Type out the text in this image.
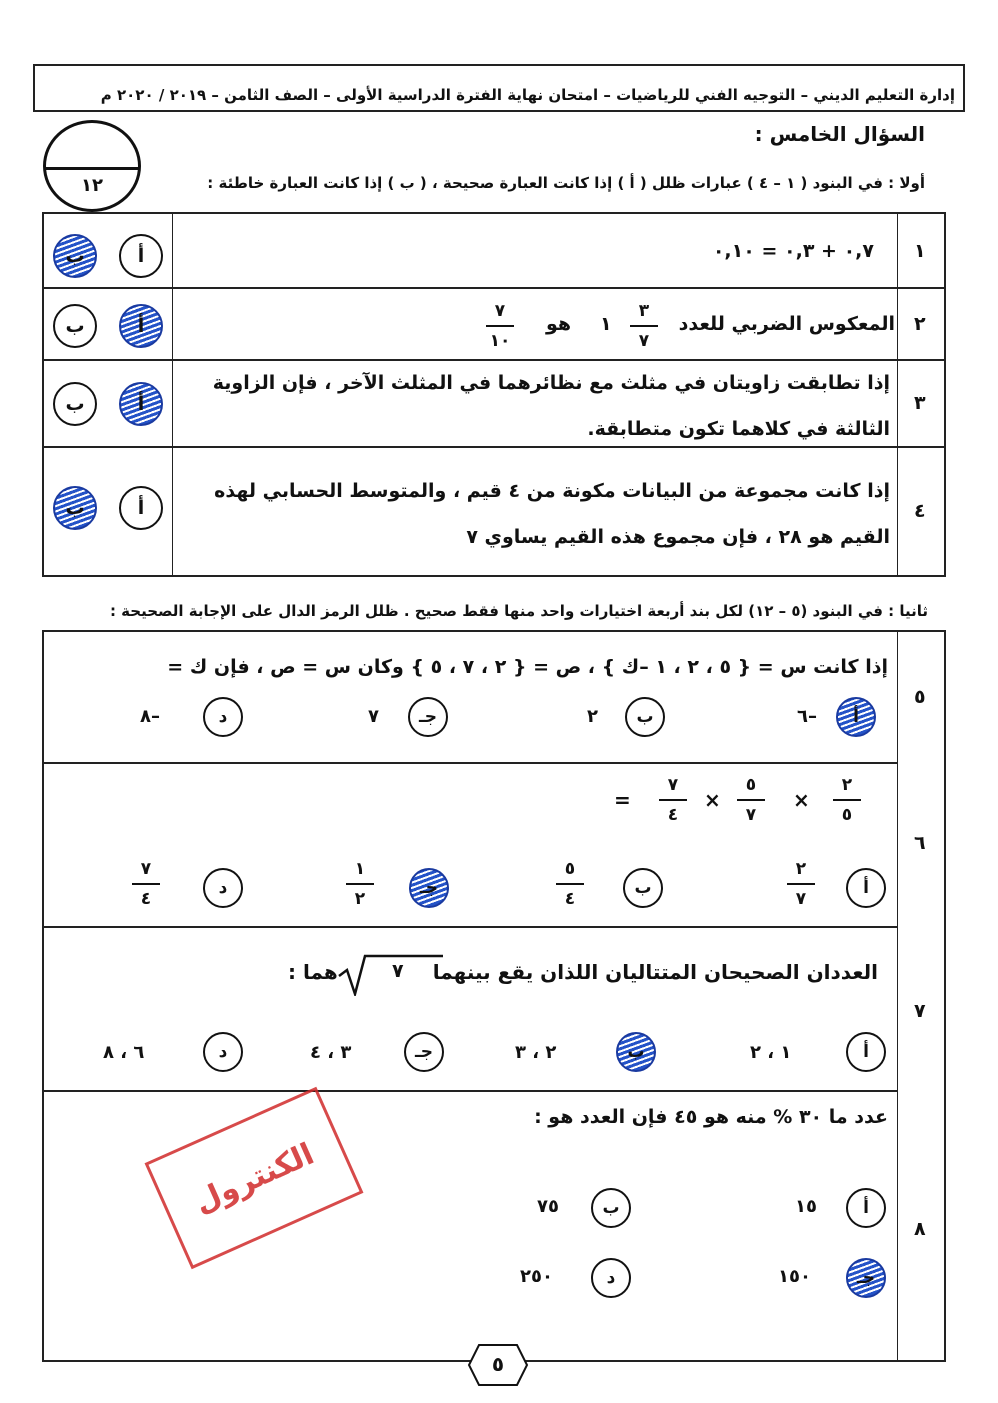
إدارة التعليم الديني – التوجيه الفني للرياضيات – امتحان نهاية الفترة الدراسية الأولى – الصف الثامن – ٢٠١٩ / ٢٠٢٠ م
١٢
السؤال الخامس :
أولا : في البنود ( ١ – ٤ ) عبارات ظلل ( أ ) إذا كانت العبارة صحيحة ، ( ب ) إذا كانت العبارة خاطئة :
١
٠,٧ + ٠,٣ = ٠,١٠
أ
ب
٢
المعكوس الضربي للعدد
٣
٧
١
هو
٧
١٠
أ
ب
٣
إذا تطابقت زاويتان في مثلث مع نظائرهما في المثلث الآخر ، فإن الزاوية الثالثة في كلاهما تكون متطابقة.
أ
ب
٤
إذا كانت مجموعة من البيانات مكونة من ٤ قيم ، والمتوسط الحسابي لهذه القيم هو ٢٨ ، فإن مجموع هذه القيم يساوي ٧
أ
ب
ثانيا : في البنود (٥ – ١٢) لكل بند أربعة اختيارات واحد منها فقط صحيح . ظلل الرمز الدال على الإجابة الصحيحة :
٥
إذا كانت س = { ٥ ، ٢ ، ١ –ك } ، ص = { ٢ ، ٧ ، ٥ } وكان س = ص ، فإن ك =
أ
–٦
ب
٢
جـ
٧
د
–٨
٦
٢
٥
×
٥
٧
×
٧
٤
=
أ
٢
٧
ب
٥
٤
جـ
١
٢
د
٧
٤
٧
العددان الصحيحان المتتاليان اللذان يقع بينهما
٧
هما :
أ
١ ، ٢
ب
٢ ، ٣
جـ
٣ ، ٤
د
٦ ، ٨
٨
عدد ما ٣٠ % منه هو ٤٥ فإن العدد هو :
أ
١٥
ب
٧٥
جـ
١٥٠
د
٢٥٠
الكنترول
٥
